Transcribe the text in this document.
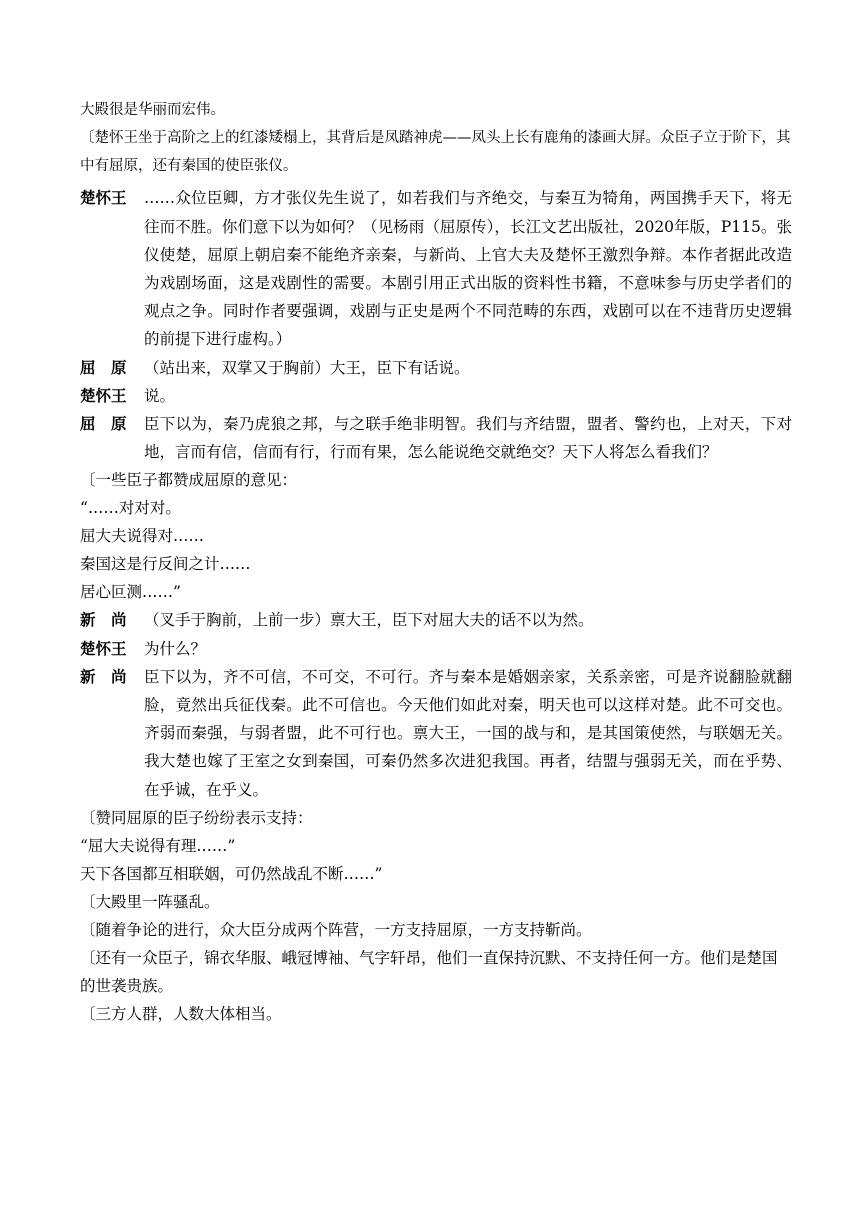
大殿很是华丽而宏伟。
〔楚怀王坐于高阶之上的红漆矮榻上，其背后是凤踏神虎——凤头上长有鹿角的漆画大屏。众臣子立于阶下，其中有屈原，还有秦国的使臣张仪。
楚怀王	……众位臣卿，方才张仪先生说了，如若我们与齐绝交，与秦互为犄角，两国携手天下，将无往而不胜。你们意下以为如何？（见杨雨（屈原传），长江文艺出版社，2020年版，P115。张仪使楚，屈原上朝启秦不能绝齐亲秦，与新尚、上官大夫及楚怀王激烈争辩。本作者据此改造为戏剧场面，这是戏剧性的需要。本剧引用正式出版的资料性书籍，不意味参与历史学者们的观点之争。同时作者要强调，戏剧与正史是两个不同范畴的东西，戏剧可以在不违背历史逻辑的前提下进行虚构。）
屈　原	（站出来，双掌又于胸前）大王，臣下有话说。
楚怀王	说。
屈　原	臣下以为，秦乃虎狼之邦，与之联手绝非明智。我们与齐结盟，盟者、警约也，上对天，下对地，言而有信，信而有行，行而有果，怎么能说绝交就绝交？天下人将怎么看我们？
〔一些臣子都赞成屈原的意见：
“……对对对。
屈大夫说得对……
秦国这是行反间之计……
居心叵测……”
新　尚	（叉手于胸前，上前一步）禀大王，臣下对屈大夫的话不以为然。
楚怀王	为什么？
新　尚	臣下以为，齐不可信，不可交，不可行。齐与秦本是婚姻亲家，关系亲密，可是齐说翻脸就翻脸，竟然出兵征伐秦。此不可信也。今天他们如此对秦，明天也可以这样对楚。此不可交也。齐弱而秦强，与弱者盟，此不可行也。禀大王，一国的战与和，是其国策使然，与联姻无关。我大楚也嫁了王室之女到秦国，可秦仍然多次进犯我国。再者，结盟与强弱无关，而在乎势、在乎诚，在乎义。
〔赞同屈原的臣子纷纷表示支持：
“屈大夫说得有理……”
天下各国都互相联姻，可仍然战乱不断……”
〔大殿里一阵骚乱。
〔随着争论的进行，众大臣分成两个阵营，一方支持屈原，一方支持靳尚。
〔还有一众臣子，锦衣华服、峨冠博袖、气字轩昂，他们一直保持沉默、不支持任何一方。他们是楚国的世袭贵族。
〔三方人群，人数大体相当。
